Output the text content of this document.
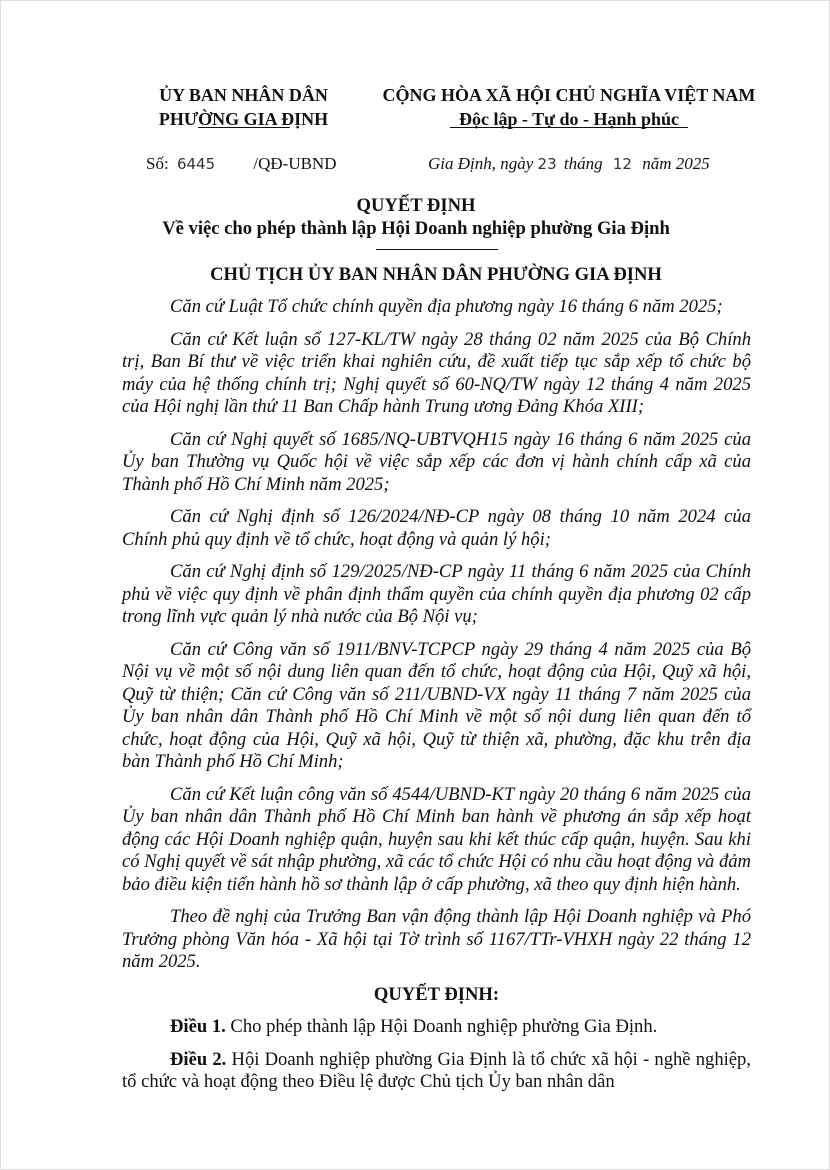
ỦY BAN NHÂN DÂN
PHƯỜNG GIA ĐỊNH
CỘNG HÒA XÃ HỘI CHỦ NGHĨA VIỆT NAM
Độc lập - Tự do - Hạnh phúc
Số: 6445 /QĐ-UBND	Gia Định, ngày 23 tháng 12 năm 2025
QUYẾT ĐỊNH
Về việc cho phép thành lập Hội Doanh nghiệp phường Gia Định
CHỦ TỊCH ỦY BAN NHÂN DÂN PHƯỜNG GIA ĐỊNH

Căn cứ Luật Tổ chức chính quyền địa phương ngày 16 tháng 6 năm 2025;

Căn cứ Kết luận số 127-KL/TW ngày 28 tháng 02 năm 2025 của Bộ Chính trị, Ban Bí thư về việc triển khai nghiên cứu, đề xuất tiếp tục sắp xếp tổ chức bộ máy của hệ thống chính trị; Nghị quyết số 60-NQ/TW ngày 12 tháng 4 năm 2025 của Hội nghị lần thứ 11 Ban Chấp hành Trung ương Đảng Khóa XIII;

Căn cứ Nghị quyết số 1685/NQ-UBTVQH15 ngày 16 tháng 6 năm 2025 của Ủy ban Thường vụ Quốc hội về việc sắp xếp các đơn vị hành chính cấp xã của Thành phố Hồ Chí Minh năm 2025;

Căn cứ Nghị định số 126/2024/NĐ-CP ngày 08 tháng 10 năm 2024 của Chính phủ quy định về tổ chức, hoạt động và quản lý hội;

Căn cứ Nghị định số 129/2025/NĐ-CP ngày 11 tháng 6 năm 2025 của Chính phủ về việc quy định về phân định thẩm quyền của chính quyền địa phương 02 cấp trong lĩnh vực quản lý nhà nước của Bộ Nội vụ;

Căn cứ Công văn số 1911/BNV-TCPCP ngày 29 tháng 4 năm 2025 của Bộ Nội vụ về một số nội dung liên quan đến tổ chức, hoạt động của Hội, Quỹ xã hội, Quỹ từ thiện; Căn cứ Công văn số 211/UBND-VX ngày 11 tháng 7 năm 2025 của Ủy ban nhân dân Thành phố Hồ Chí Minh về một số nội dung liên quan đến tổ chức, hoạt động của Hội, Quỹ xã hội, Quỹ từ thiện xã, phường, đặc khu trên địa bàn Thành phố Hồ Chí Minh;

Căn cứ Kết luận công văn số 4544/UBND-KT ngày 20 tháng 6 năm 2025 của Ủy ban nhân dân Thành phố Hồ Chí Minh ban hành về phương án sắp xếp hoạt động các Hội Doanh nghiệp quận, huyện sau khi kết thúc cấp quận, huyện. Sau khi có Nghị quyết về sát nhập phường, xã các tổ chức Hội có nhu cầu hoạt động và đảm bảo điều kiện tiến hành hồ sơ thành lập ở cấp phường, xã theo quy định hiện hành.

Theo đề nghị của Trưởng Ban vận động thành lập Hội Doanh nghiệp và Phó Trưởng phòng Văn hóa - Xã hội tại Tờ trình số 1167/TTr-VHXH ngày 22 tháng 12 năm 2025.

QUYẾT ĐỊNH:

Điều 1. Cho phép thành lập Hội Doanh nghiệp phường Gia Định.

Điều 2. Hội Doanh nghiệp phường Gia Định là tổ chức xã hội - nghề nghiệp, tổ chức và hoạt động theo Điều lệ được Chủ tịch Ủy ban nhân dân
